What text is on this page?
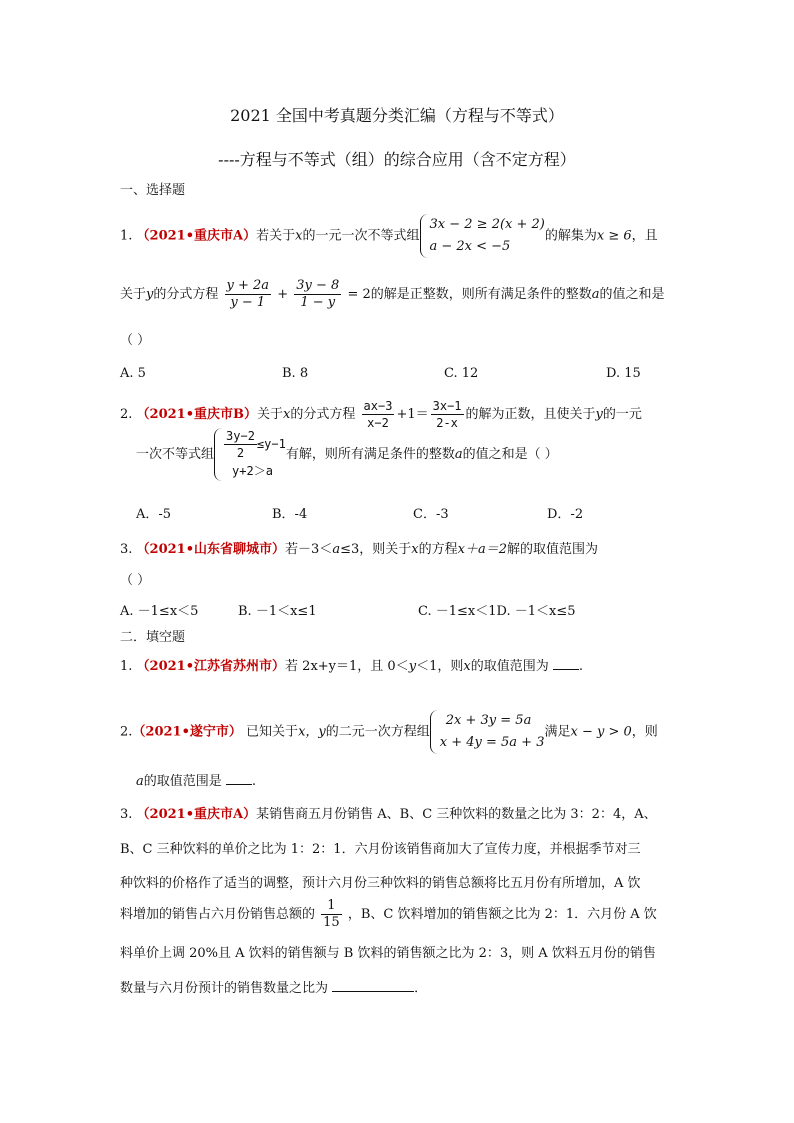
2021 全国中考真题分类汇编（方程与不等式）
----方程与不等式（组）的综合应用（含不定方程）
一、选择题
1. （2021•重庆市A）若关于x的一元一次不等式组
3x − 2 ≥ 2(x + 2)
a − 2x < −5
的解集为x ≥ 6，且
关于y的分式方程 $\frac{y + 2a}{y - 1} + \frac{3y - 8}{1 - y} = 2$的解是正整数，则所有满足条件的整数a的值之和是
（ ）
A. 5	B. 8	C. 12	D. 15
2. （2021•重庆市B）关于x的分式方程 $\frac{ax-3}{x-2} +1= \frac{3x-1}{2-x}$ 的解为正数，且使关于y的一元
一次不等式组 $\frac{3y-2}{2} \le y-1$
y+2＞a
有解，则所有满足条件的整数a的值之和是（ ）
A．-5	B．-4	C．-3	D．-2
3. （2021•山东省聊城市）若－3＜a≤3，则关于x的方程x＋a＝2解的取值范围为
（ ）
A. －1≤x＜5	B. －1＜x≤1	C. －1≤x＜1D. －1＜x≤5
二．填空题
1. （2021•江苏省苏州市）若 2x+y＝1，且 0＜y＜1，则x的取值范围为 .
2.（2021•遂宁市） 已知关于x，y的二元一次方程组
2x + 3y = 5a
x + 4y = 5a + 3
满足x − y > 0，则
a的取值范围是 .
3. （2021•重庆市A）某销售商五月份销售 A、B、C 三种饮料的数量之比为 3：2：4，A、
B、C 三种饮料的单价之比为 1：2：1．六月份该销售商加大了宣传力度，并根据季节对三
种饮料的价格作了适当的调整，预计六月份三种饮料的销售总额将比五月份有所增加，A 饮
料增加的销售占六月份销售总额的 $\frac{1}{15}$ ，B、C 饮料增加的销售额之比为 2：1．六月份 A 饮
料单价上调 20%且 A 饮料的销售额与 B 饮料的销售额之比为 2：3，则 A 饮料五月份的销售
数量与六月份预计的销售数量之比为	．
